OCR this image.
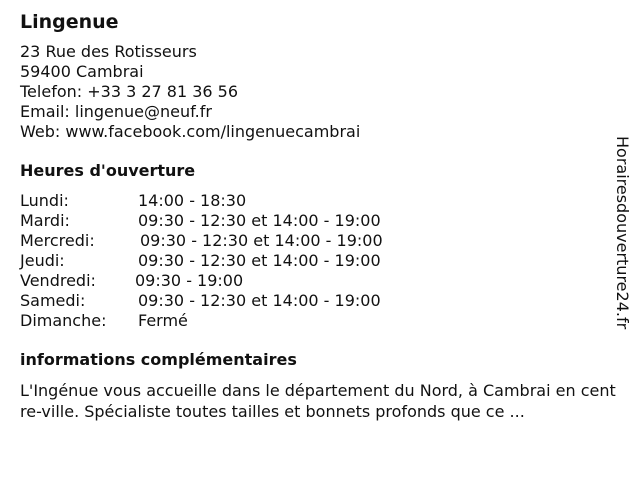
Lingenue
23 Rue des Rotisseurs
59400 Cambrai
Telefon: +33 3 27 81 36 56
Email: lingenue@neuf.fr
Web: www.facebook.com/lingenuecambrai
Heures d'ouverture
Lundi:	14:00 - 18:30
Mardi:	09:30 - 12:30 et 14:00 - 19:00
Mercredi:	09:30 - 12:30 et 14:00 - 19:00
Jeudi:	09:30 - 12:30 et 14:00 - 19:00
Vendredi:	09:30 - 19:00
Samedi:	09:30 - 12:30 et 14:00 - 19:00
Dimanche:	Fermé
informations complémentaires
L'Ingénue vous accueille dans le département du Nord, à Cambrai en centre-ville. Spécialiste toutes tailles et bonnets profonds que ce ...
Horairesdouverture24.fr
